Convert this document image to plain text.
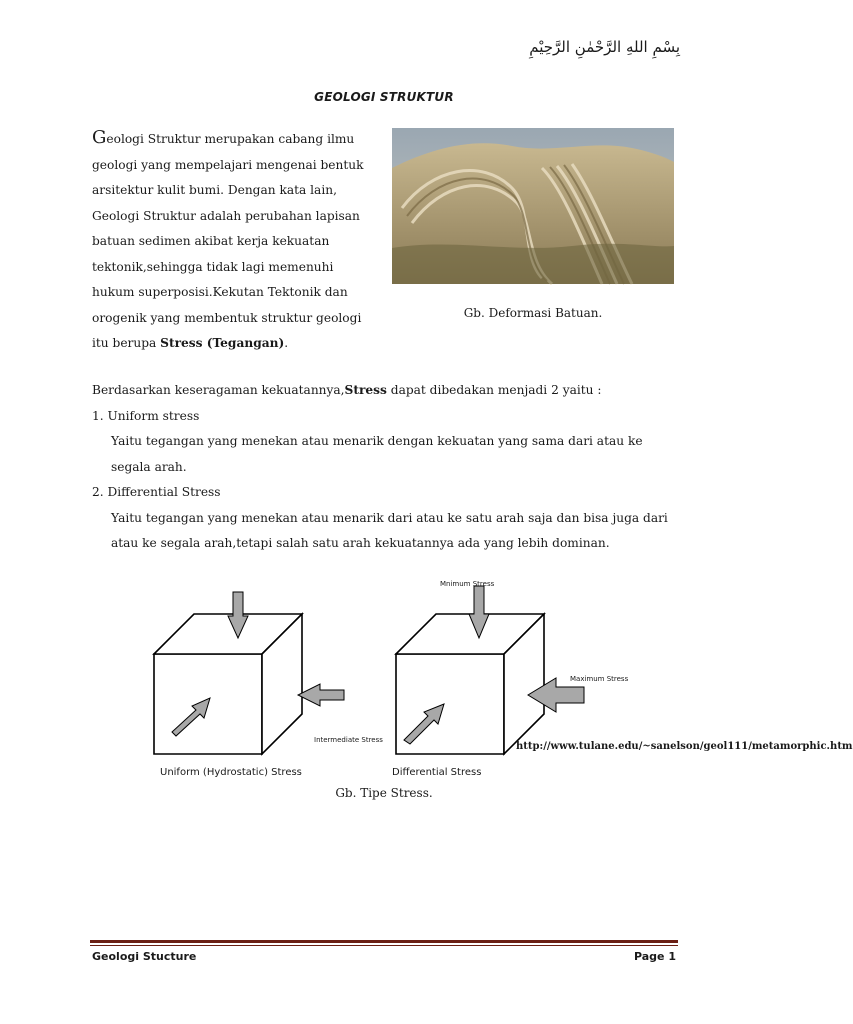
بِسْمِ اللهِ الرَّحْمٰنِ الرَّحِيْمِ
GEOLOGI STRUKTUR
Geologi Struktur merupakan cabang ilmu geologi yang mempelajari mengenai bentuk arsitektur kulit bumi. Dengan kata lain, Geologi Struktur adalah perubahan lapisan batuan sedimen akibat kerja kekuatan tektonik,sehingga tidak lagi memenuhi hukum superposisi.Kekutan Tektonik dan orogenik yang membentuk struktur geologi itu berupa Stress (Tegangan).
Gb. Deformasi Batuan.

Berdasarkan keseragaman kekuatannya,Stress dapat dibedakan menjadi 2 yaitu :

1. Uniform stress

Yaitu tegangan yang menekan atau menarik dengan kekuatan yang sama dari atau ke segala arah.

2. Differential Stress

Yaitu tegangan yang menekan atau menarik dari atau ke satu arah saja dan bisa juga dari atau ke segala arah,tetapi salah satu arah kekuatannya ada yang lebih dominan.

Uniform (Hydrostatic) Stress	Differential Stress
Mnimum Stress
Maximum Stress
Intermediate Stress
http://www.tulane.edu/~sanelson/geol111/metamorphic.htm
Gb. Tipe Stress.
Geologi Stucture	Page 1
